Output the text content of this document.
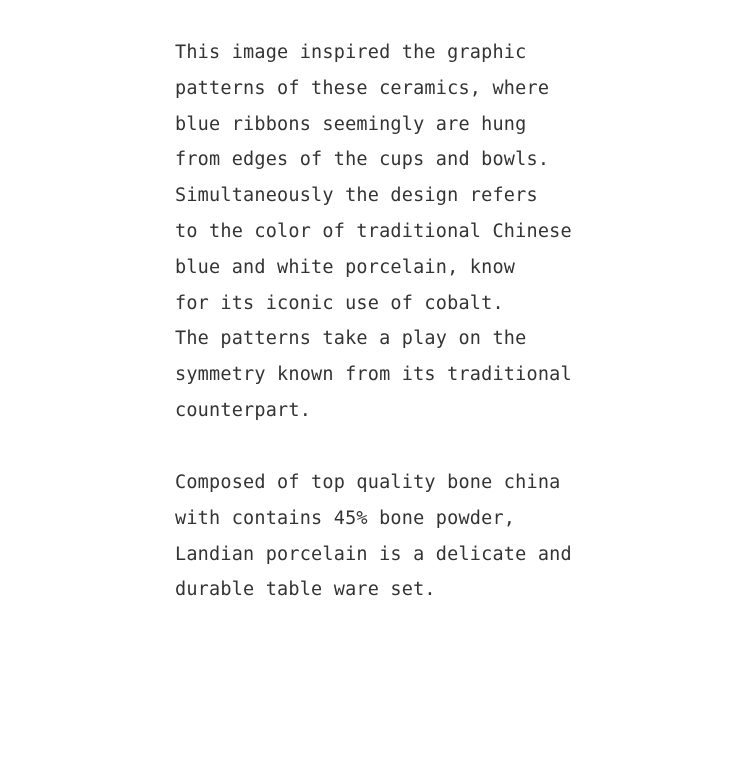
This image inspired the graphic
patterns of these ceramics, where
blue ribbons seemingly are hung
from edges of the cups and bowls.
Simultaneously the design refers
to the color of traditional Chinese
blue and white porcelain, know
for its iconic use of cobalt.
The patterns take a play on the
symmetry known from its traditional
counterpart.
Composed of top quality bone china
with contains 45% bone powder,
Landian porcelain is a delicate and
durable table ware set.
